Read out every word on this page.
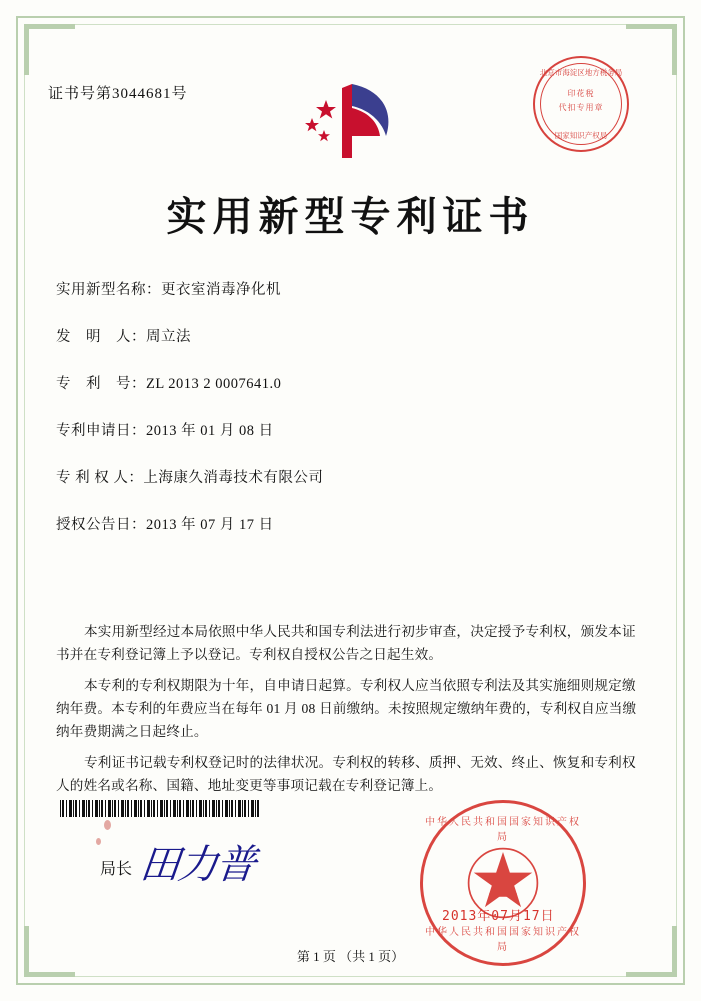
证书号第3044681号
北京市海淀区地方税务局
印花税
代扣专用章
国家知识产权局
实用新型专利证书
实用新型名称：更衣室消毒净化机
发　明　人：周立法
专　利　号：ZL 2013 2 0007641.0
专利申请日：2013 年 01 月 08 日
专 利 权 人：上海康久消毒技术有限公司
授权公告日：2013 年 07 月 17 日

本实用新型经过本局依照中华人民共和国专利法进行初步审查，决定授予专利权，颁发本证书并在专利登记簿上予以登记。专利权自授权公告之日起生效。

本专利的专利权期限为十年，自申请日起算。专利权人应当依照专利法及其实施细则规定缴纳年费。本专利的年费应当在每年 01 月 08 日前缴纳。未按照规定缴纳年费的，专利权自应当缴纳年费期满之日起终止。

专利证书记载专利权登记时的法律状况。专利权的转移、质押、无效、终止、恢复和专利权人的姓名或名称、国籍、地址变更等事项记载在专利登记簿上。

局长 田力普
中华人民共和国国家知识产权局
中华人民共和国国家知识产权局
2013年07月17日
第 1 页 （共 1 页）
